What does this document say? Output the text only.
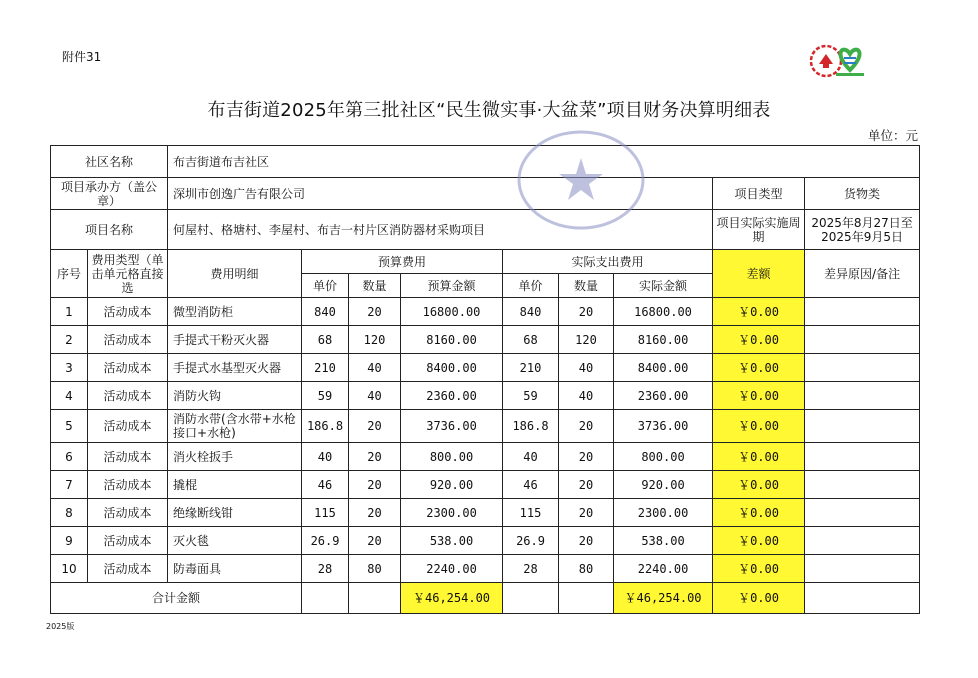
附件31
布吉街道2025年第三批社区“民生微实事·大盆菜”项目财务决算明细表
单位：元
社区名称		布吉街道布吉社区								
项目承办方（盖公章）		深圳市创逸广告有限公司							项目类型	货物类
项目名称		何屋村、格塘村、李屋村、布吉一村片区消防器材采购项目							项目实际实施周期	2025年8月27日至2025年9月5日
序号	费用类型（单击单元格直接选	费用明细	预算费用			实际支出费用			差额	差异原因/备注
			单价	数量	预算金额	单价	数量	实际金额		
1	活动成本	微型消防柜	840	20	16800.00	840	20	16800.00	￥0.00	
2	活动成本	手提式干粉灭火器	68	120	8160.00	68	120	8160.00	￥0.00	
3	活动成本	手提式水基型灭火器	210	40	8400.00	210	40	8400.00	￥0.00	
4	活动成本	消防火钩	59	40	2360.00	59	40	2360.00	￥0.00	
5	活动成本	消防水带(含水带+水枪接口+水枪)	186.8	20	3736.00	186.8	20	3736.00	￥0.00	
6	活动成本	消火栓扳手	40	20	800.00	40	20	800.00	￥0.00	
7	活动成本	撬棍	46	20	920.00	46	20	920.00	￥0.00	
8	活动成本	绝缘断线钳	115	20	2300.00	115	20	2300.00	￥0.00	
9	活动成本	灭火毯	26.9	20	538.00	26.9	20	538.00	￥0.00	
10	活动成本	防毒面具	28	80	2240.00	28	80	2240.00	￥0.00	
合计金额					￥46,254.00			￥46,254.00	￥0.00	
2025版
